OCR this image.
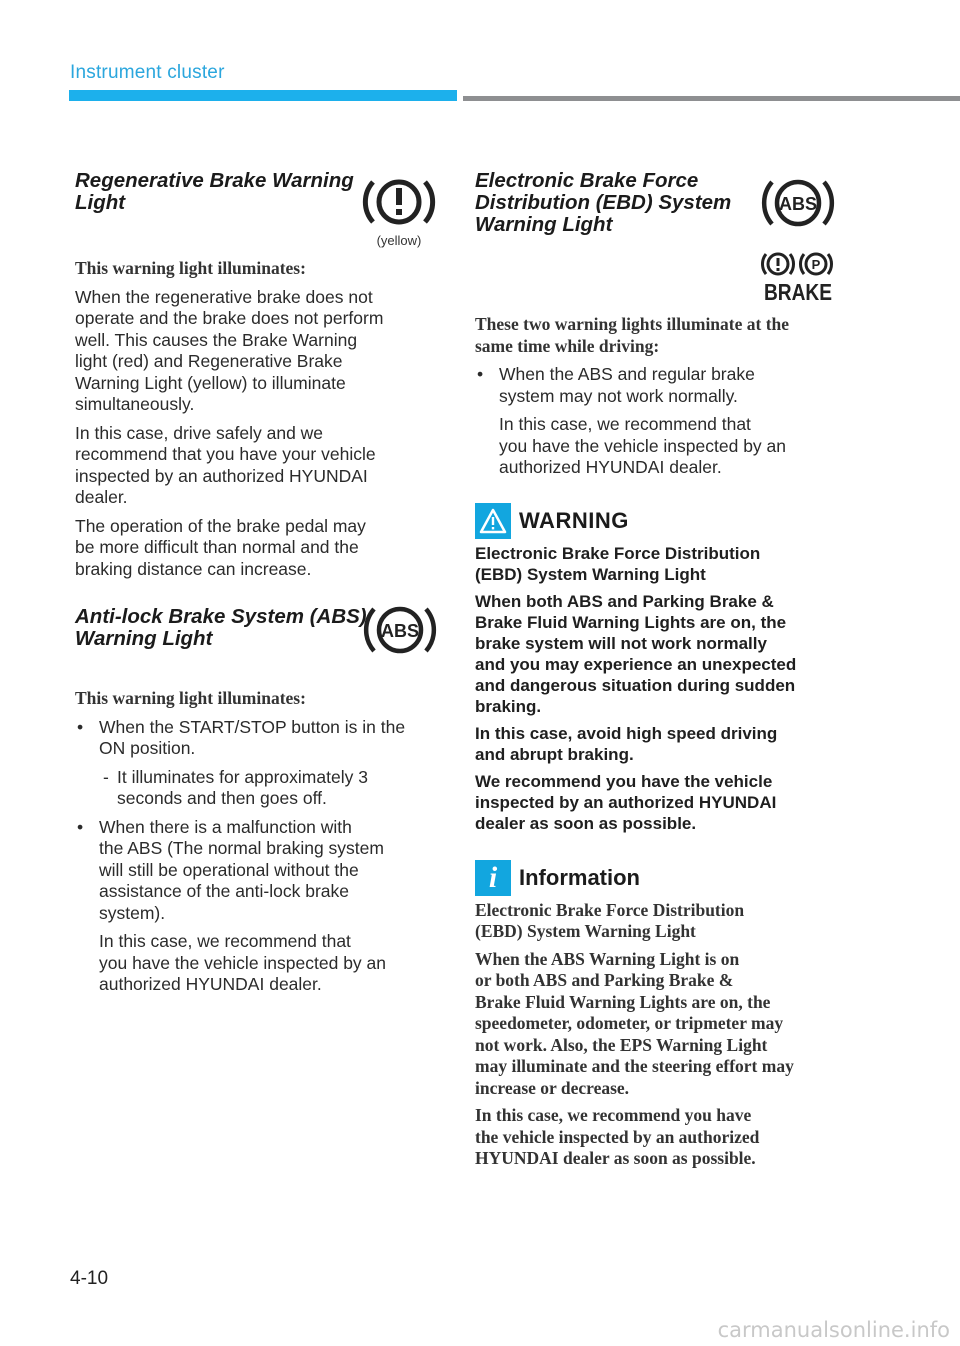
Instrument cluster
Regenerative Brake Warning
Light
(yellow)

This warning light illuminates:

When the regenerative brake does not
operate and the brake does not perform
well. This causes the Brake Warning
light (red) and Regenerative Brake
Warning Light (yellow) to illuminate
simultaneously.

In this case, drive safely and we
recommend that you have your vehicle
inspected by an authorized HYUNDAI
dealer.

The operation of the brake pedal may
be more difficult than normal and the
braking distance can increase.

Anti-lock Brake System (ABS)
Warning Light	ABS

This warning light illuminates:

• When the START/STOP button is in the
ON position.

- It illuminates for approximately 3
seconds and then goes off.

• When there is a malfunction with
the ABS (The normal braking system
will still be operational without the
assistance of the anti-lock brake
system).

In this case, we recommend that
you have the vehicle inspected by an
authorized HYUNDAI dealer.

Electronic Brake Force
Distribution (EBD) System
Warning Light
ABS
P
BRAKE

These two warning lights illuminate at the
same time while driving:

• When the ABS and regular brake
system may not work normally.

In this case, we recommend that
you have the vehicle inspected by an
authorized HYUNDAI dealer.

WARNING

Electronic Brake Force Distribution
(EBD) System Warning Light

When both ABS and Parking Brake &
Brake Fluid Warning Lights are on, the
brake system will not work normally
and you may experience an unexpected
and dangerous situation during sudden
braking.

In this case, avoid high speed driving
and abrupt braking.

We recommend you have the vehicle
inspected by an authorized HYUNDAI
dealer as soon as possible.

i Information

Electronic Brake Force Distribution
(EBD) System Warning Light

When the ABS Warning Light is on
or both ABS and Parking Brake &
Brake Fluid Warning Lights are on, the
speedometer, odometer, or tripmeter may
not work. Also, the EPS Warning Light
may illuminate and the steering effort may
increase or decrease.

In this case, we recommend you have
the vehicle inspected by an authorized
HYUNDAI dealer as soon as possible.

4-10
carmanualsonline.info
